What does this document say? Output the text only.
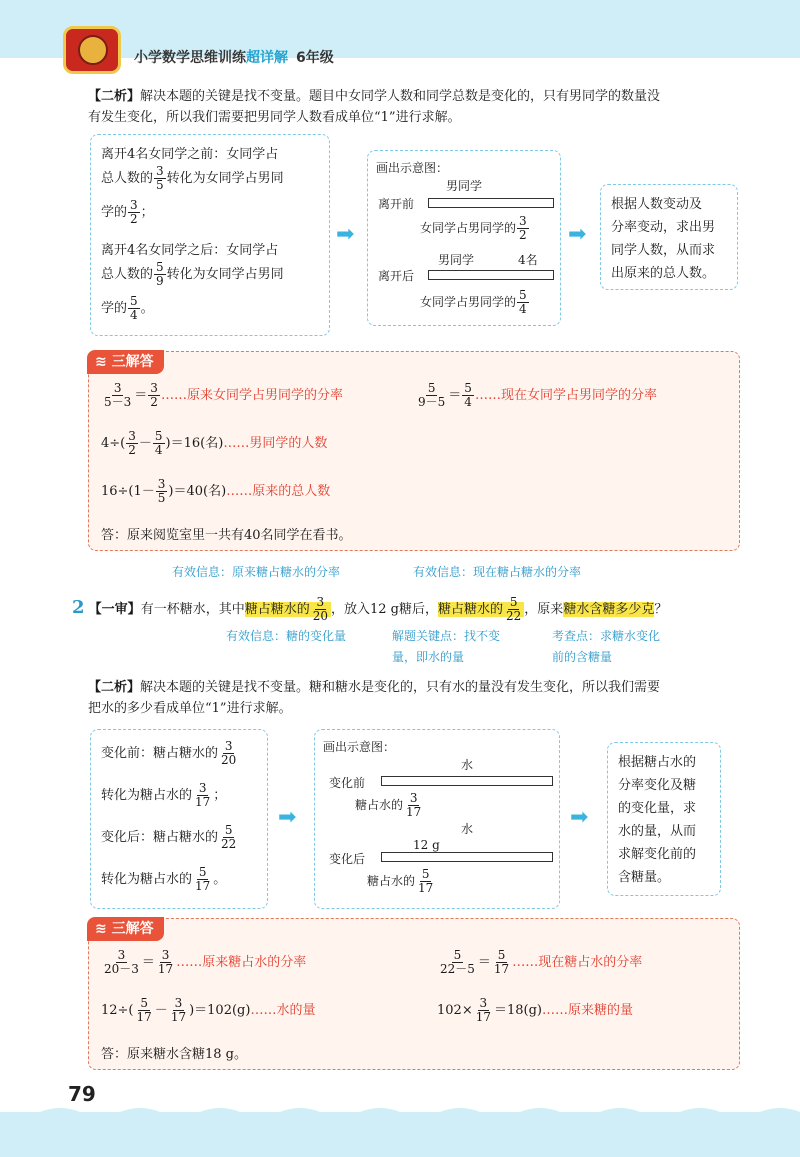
小学数学思维训练超详解 6年级
【二析】解决本题的关键是找不变量。题目中女同学人数和同学总数是变化的，只有男同学的数量没
有发生变化，所以我们需要把男同学人数看成单位“1”进行求解。
离开4名女同学之前：女同学占
总人数的 $\frac{3}{5}$ 转化为女同学占男同
学的 $\frac{3}{2}$ ；
离开4名女同学之后：女同学占
总人数的 $\frac{5}{9}$ 转化为女同学占男同
学的 $\frac{5}{4}$ 。
➡
画出示意图：
男同学
离开前
女同学占男同学的 $\frac{3}{2}$
男同学	4名
离开后
女同学占男同学的 $\frac{5}{4}$
➡
根据人数变动及
分率变动，求出男
同学人数，从而求
出原来的总人数。
≋ 三解答
$\frac{3}{5-3} = \frac{3}{2}$ ……原来女同学占男同学的分率	$\frac{5}{9-5} = \frac{5}{4}$ ……现在女同学占男同学的分率
$4\div( \frac{3}{2} - \frac{5}{4} )=16$(名)……男同学的人数
$16\div(1- \frac{3}{5} )=40$(名)……原来的总人数
答：原来阅览室里一共有40名同学在看书。
有效信息：原来糖占糖水的分率	有效信息：现在糖占糖水的分率
2 【一审】有一杯糖水，其中糖占糖水的 $\frac{3}{20}$ ，放入12 g糖后，糖占糖水的 $\frac{5}{22}$ ，原来糖水含糖多少克？
有效信息：糖的变化量	解题关键点：找不变
量，即水的量
考查点：求糖水变化
前的含糖量
【二析】解决本题的关键是找不变量。糖和糖水是变化的，只有水的量没有发生变化，所以我们需要
把水的多少看成单位“1”进行求解。
变化前：糖占糖水的 $\frac{3}{20}$
转化为糖占水的 $\frac{3}{17}$ ；
变化后：糖占糖水的 $\frac{5}{22}$
转化为糖占水的 $\frac{5}{17}$ 。
➡
画出示意图：
水
变化前
糖占水的 $\frac{3}{17}$
水
12 g
变化后
糖占水的 $\frac{5}{17}$
➡
根据糖占水的
分率变化及糖
的变化量，求
水的量，从而
求解变化前的
含糖量。
≋ 三解答
$\frac{3}{20-3} = \frac{3}{17}$ ……原来糖占水的分率	$\frac{5}{22-5} = \frac{5}{17}$ ……现在糖占水的分率
$12\div( \frac{5}{17} - \frac{3}{17}$ )＝102(g)……水的量	$102\times \frac{3}{17}$ ＝18(g)……原来糖的量
答：原来糖水含糖18 g。
79
